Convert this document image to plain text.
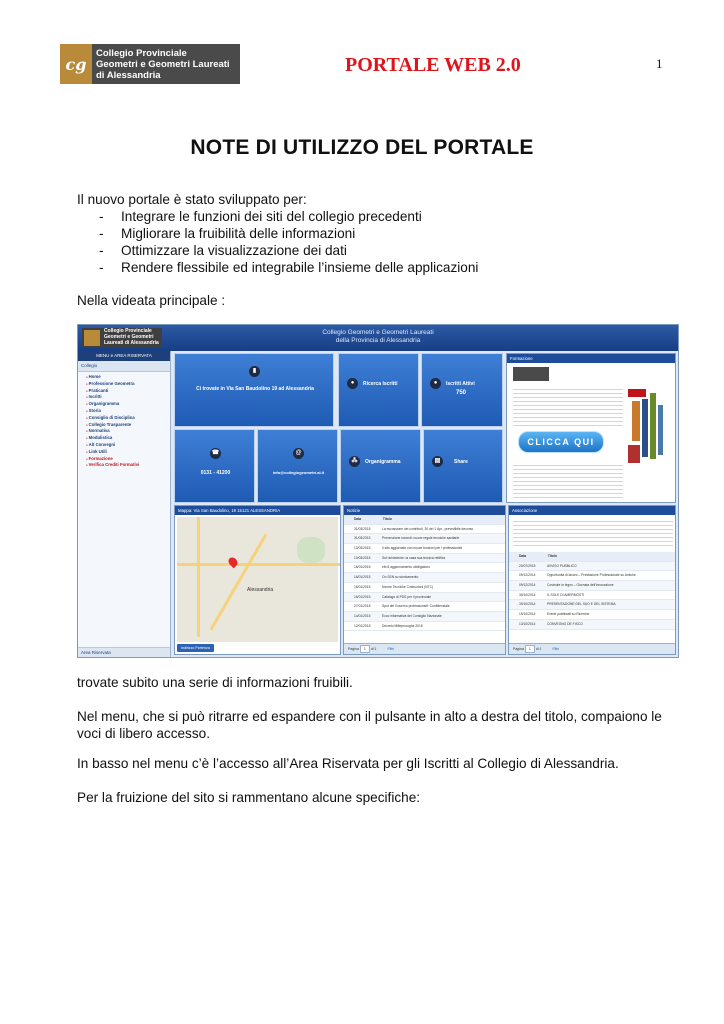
cg
Collegio Provinciale
Geometri e Geometri Laureati
di Alessandria	PORTALE WEB 2.0	1
NOTE DI UTILIZZO DEL PORTALE
Il nuovo portale è stato sviluppato per:
- Integrare le funzioni dei siti del collegio precedenti
- Migliorare la fruibilità delle informazioni
- Ottimizzare la visualizzazione dei dati
- Rendere flessibile ed integrabile l’insieme delle applicazioni
Nella videata principale :
Collegio Provinciale Geometri e Geometri Laureati di Alessandria
Collegio Geometri e Geometri Laureati
della Provincia di Alessandria
MENU e AREA RISERVATA
Collegio
● Home
● Professione Geometra
● Praticanti
● Iscritti
● Organigramma
● Storia
● Consiglio di Disciplina
● Collegio Trasparente
● Normativa
● Modulistica
● Alt Convegni
● Link Utili
● Formazione
● Verifica Crediti Formativi
Area Riservata
▮
Ci trovate in Via San Baudolino 19 ad Alessandria
●	Ricerca Iscritti	●	Iscritti Attivi
750
☎
0131 - 41200
@
info@collegiogeometri.al.it
⁂	Organigramma	▤	Share
Formazione
CLICCA QUI
Mappa: Via San Baudolino, 19 15121 ALESSANDRIA
Alessandria
Indirizzo Partenza
Notizie
Data	Titolo
31/03/2015	La riscossione dei contributi, 30 del 1 Apr., prevedibile decorso
31/03/2015	Prevenzione incendi: nuove regole tecniche sanitarie
13/03/2015	Il sito aggiornato con nuove funzioni per i professionisti
10/03/2015	Sul richiedente: la casa sua tecnica rettifica
16/01/2015	elb 8 aggiornamento obbligatorio
16/01/2015	Oo SSN su storicamento
16/01/2015	Norme Tecniche Costruzioni (NTC)
16/01/2015	Catalogo di PDS per il provinciale
27/01/2015	Spot del Governo professionisti: Confidenziale
14/01/2015	Ecco informativa del Consiglio Nazionale
12/01/2015	Decreto Milleproroghe 2015
Pagina 1 di 1	Filtri
Associazione
Data	Titolo
20/07/2015	AVVISO PUBBLICO
09/12/2014	Opportunità di lavoro – Prestazione Professionale su Antiche
09/12/2014	Costruire in legno – Giornata dell’innovazione
30/10/2014	IL SOLE DI AMERMOSTI
30/10/2014	PRESENTAZIONE DEL SUO E DEL SISTEMA
15/10/2014	Eventi pubblicati su Ricerche
13/10/2014	CONVEGNO DE FISCO
Pagina 1 di 1	Filtri
trovate subito una serie di informazioni fruibili.
Nel menu, che si può ritrarre ed espandere con il pulsante in alto a destra del titolo, compaiono le voci di libero accesso.
In basso nel menu c’è l’accesso all’Area Riservata per gli Iscritti al Collegio di Alessandria.
Per la fruizione del sito si rammentano alcune specifiche:
